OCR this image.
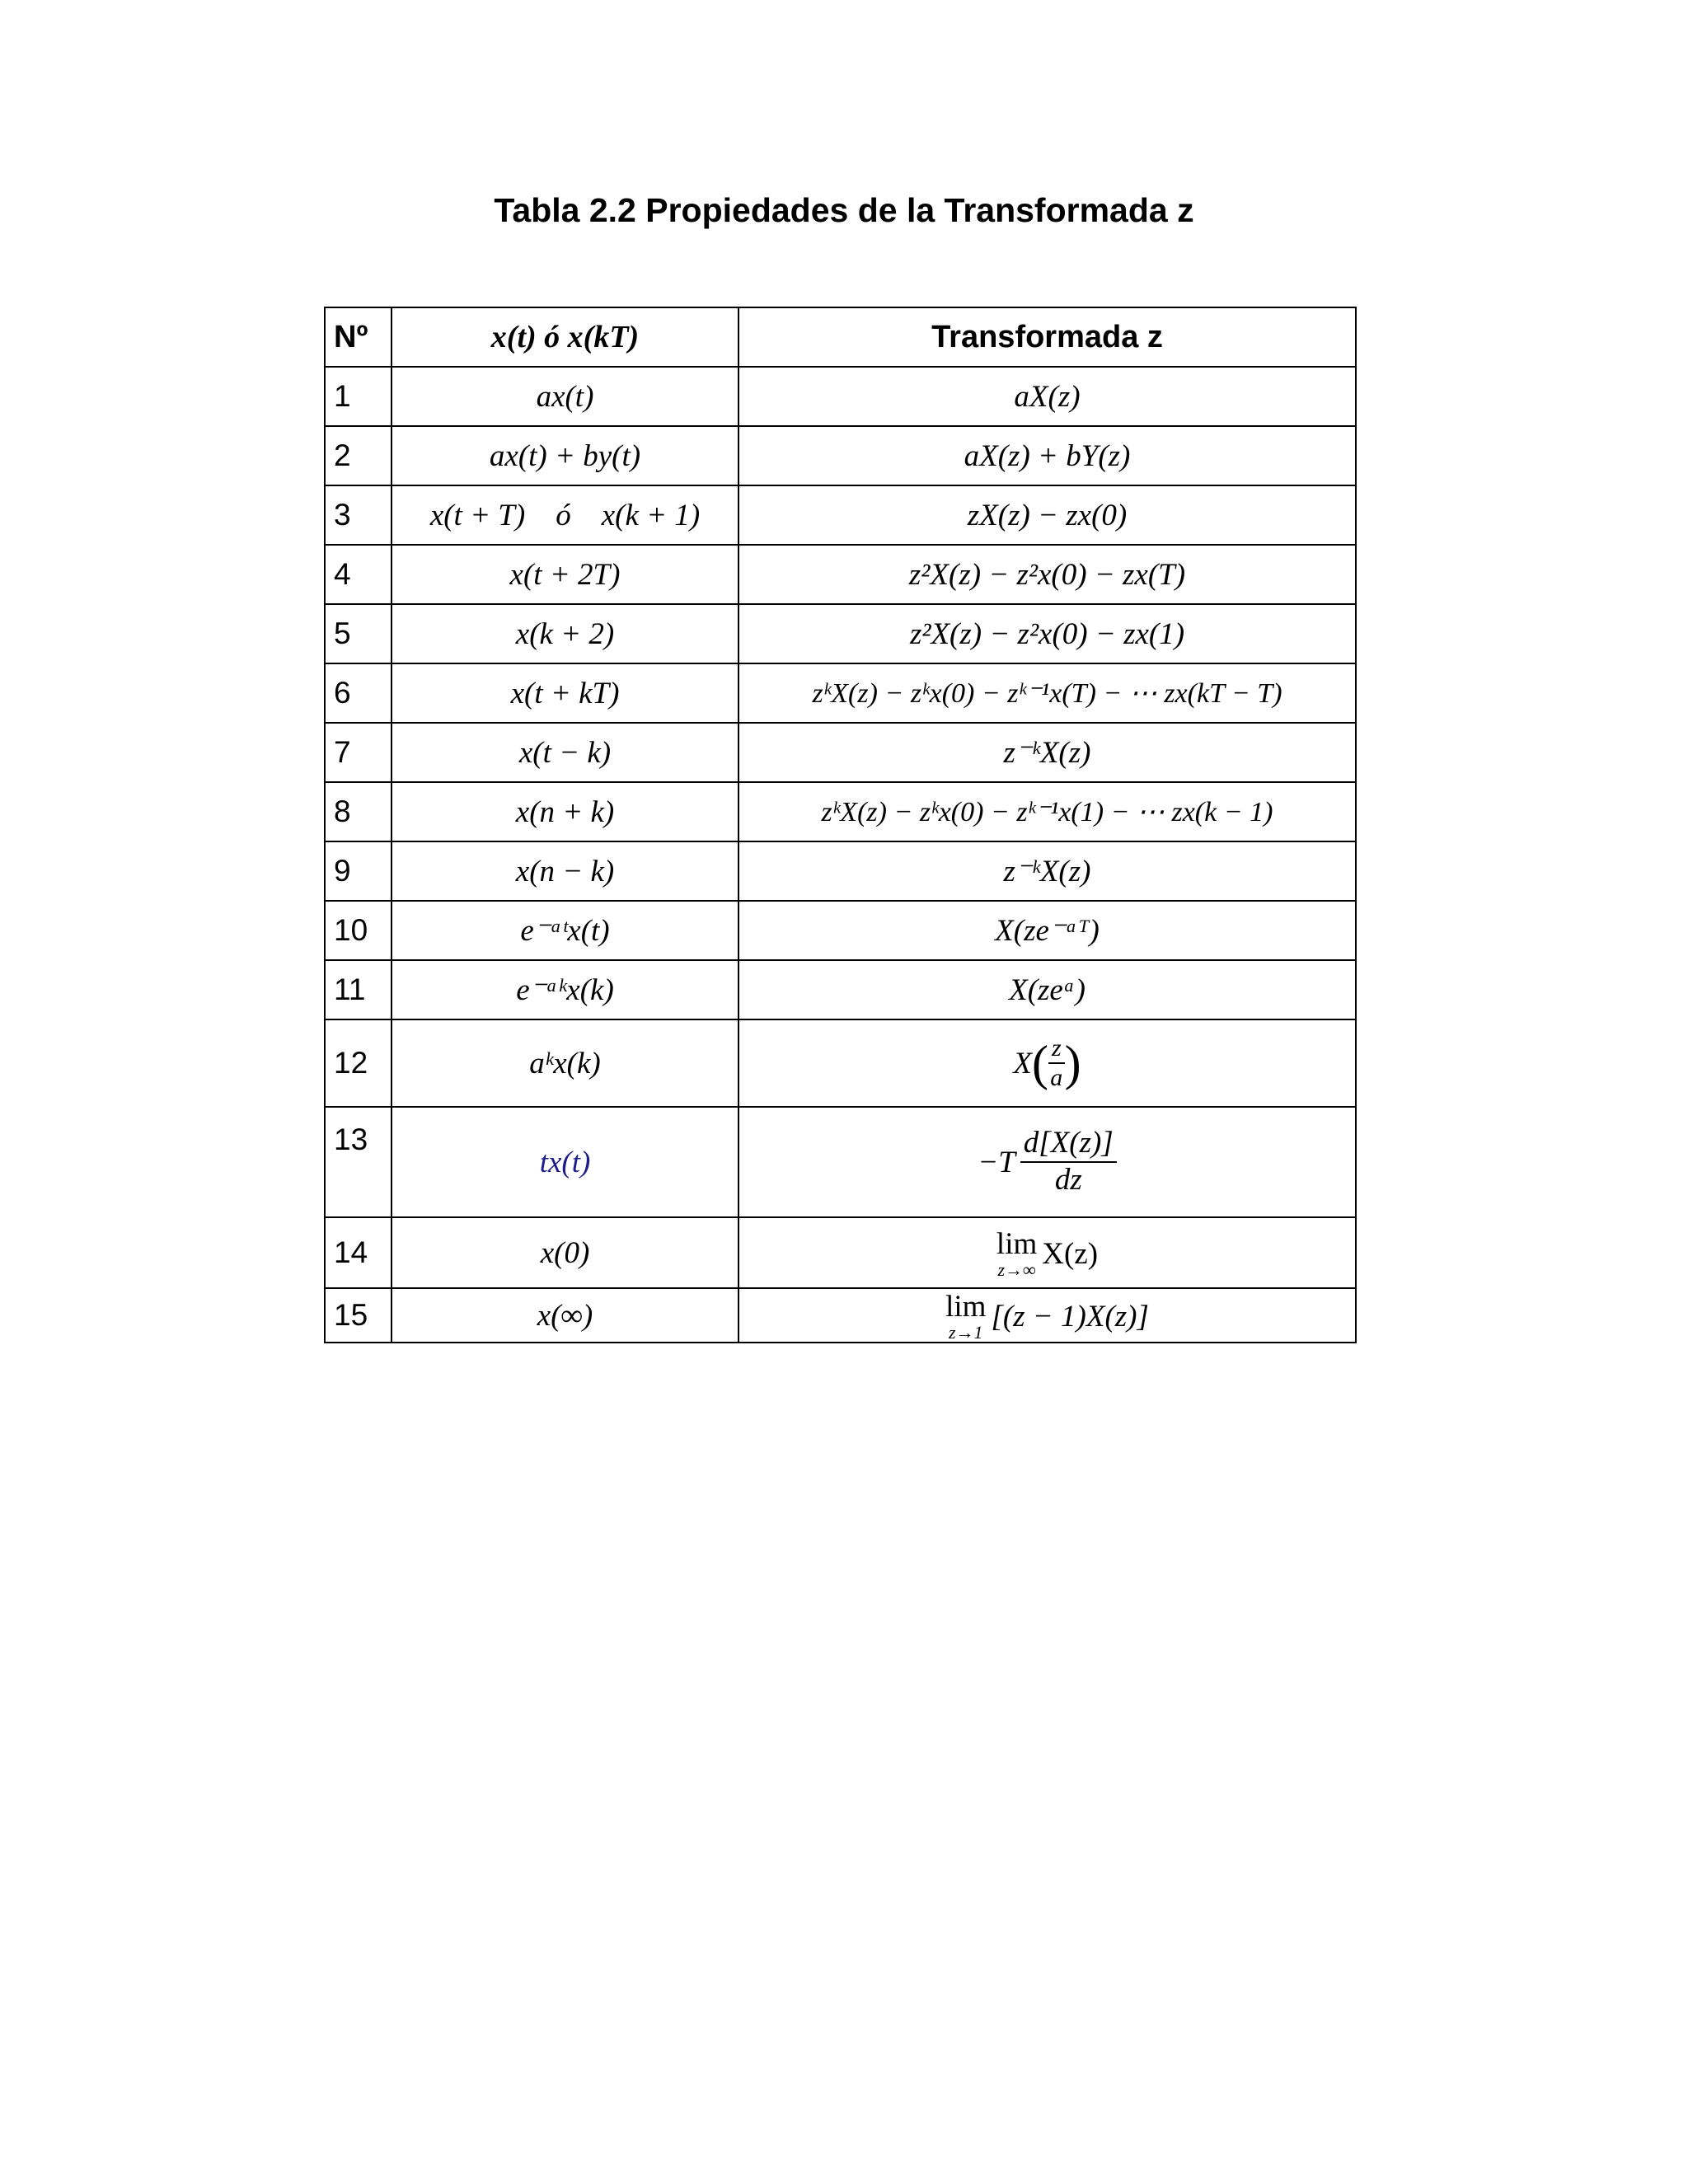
Tabla 2.2 Propiedades de la Transformada z
Nº	x(t) ó x(kT)	Transformada z
1	ax(t)	aX(z)
2	ax(t) + by(t)	aX(z) + bY(z)
3	x(t + T)    ó    x(k + 1)	zX(z) − zx(0)
4	x(t + 2T)	z²X(z) − z²x(0) − zx(T)
5	x(k + 2)	z²X(z) − z²x(0) − zx(1)
6	x(t + kT)	zᵏX(z) − zᵏx(0) − zᵏ⁻¹x(T) − ⋯ zx(kT − T)
7	x(t − k)	z⁻ᵏX(z)
8	x(n + k)	zᵏX(z) − zᵏx(0) − zᵏ⁻¹x(1) − ⋯ zx(k − 1)
9	x(n − k)	z⁻ᵏX(z)
10	e⁻ᵃᵗx(t)	X(ze⁻ᵃᵀ)
11	e⁻ᵃᵏx(k)	X(zeᵃ)
12	aᵏx(k)	X ( $\frac{z}{a}$ )

13	tx(t)	$-T \frac{d[X(z)]}{dz}$

14	x(0)	lim
z→∞ X(z)

15	x(∞)	lim
z→1 [(z − 1)X(z)]
